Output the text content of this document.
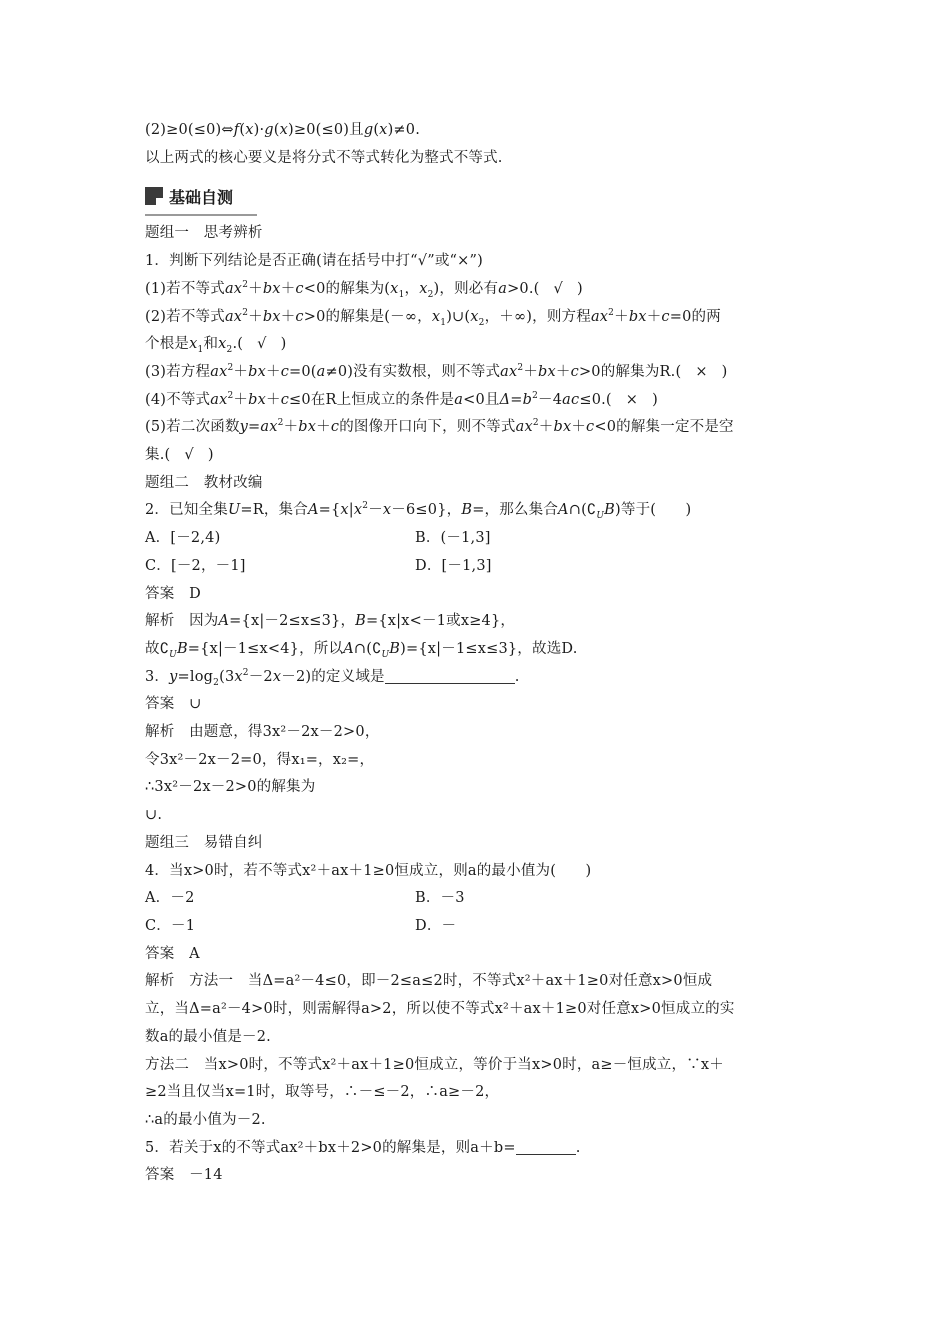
(2)≥0(≤0)⇔f(x)·g(x)≥0(≤0)且g(x)≠0.
以上两式的核心要义是将分式不等式转化为整式不等式.
基础自测
题组一　思考辨析
1．判断下列结论是否正确(请在括号中打“√”或“×”)
(1)若不等式$ax^2+bx+c<0$的解集为($x_1$，$x_2$)，则必有a>0.( √ )
(2)若不等式$ax^2+bx+c>0$的解集是(－∞，$x_1)\cup(x_2$，＋∞)，则方程$ax^2+bx+c=0$的两
个根是$x_1$和$x_2$.( √ )
(3)若方程$ax^2+bx+c=0(a\ne 0)$没有实数根，则不等式$ax^2+bx+c>0$的解集为R.( × )
(4)不等式$ax^2+bx+c\le 0$在R上恒成立的条件是a<0且$\Delta=b^2-4ac\le 0$.( × )
(5)若二次函数$y=ax^2+bx+c$的图像开口向下，则不等式$ax^2+bx+c<0$的解集一定不是空
集.( √ )
题组二　教材改编
2．已知全集U=R，集合$A=\{x|x^2-x-6\le 0\}$，B=，那么集合$A\cap(∁_UB)$等于(　　)
A．[－2,4)	B．(－1,3]
C．[－2，－1]	D．[－1,3]
答案　D
解析　因为A={x|－2≤x≤3}，B={x|x<－1或x≥4}，
故$∁_UB=\{x|-1\le x<4\}$，所以$A\cap(∁_UB)=\{x|-1\le x\le 3\}$，故选D.
3．$y=\log_2(3x^2-2x-2)$的定义域是	.
答案　∪
解析　由题意，得3x²－2x－2>0，
令3x²－2x－2=0，得x₁=，x₂=，
∴3x²－2x－2>0的解集为
∪.
题组三　易错自纠
4．当x>0时，若不等式x²＋ax＋1≥0恒成立，则a的最小值为(　　)
A．－2	B．－3
C．－1	D．－
答案　A
解析　方法一　当Δ=a²－4≤0，即－2≤a≤2时，不等式x²＋ax＋1≥0对任意x>0恒成
立，当Δ=a²－4>0时，则需解得a>2，所以使不等式x²＋ax＋1≥0对任意x>0恒成立的实
数a的最小值是－2.
方法二　当x>0时，不等式x²＋ax＋1≥0恒成立，等价于当x>0时，a≥－恒成立，∵x＋
≥2当且仅当x=1时，取等号，∴－≤－2，∴a≥－2，
∴a的最小值为－2.
5．若关于x的不等式ax²＋bx＋2>0的解集是，则a＋b=	.
答案　－14
